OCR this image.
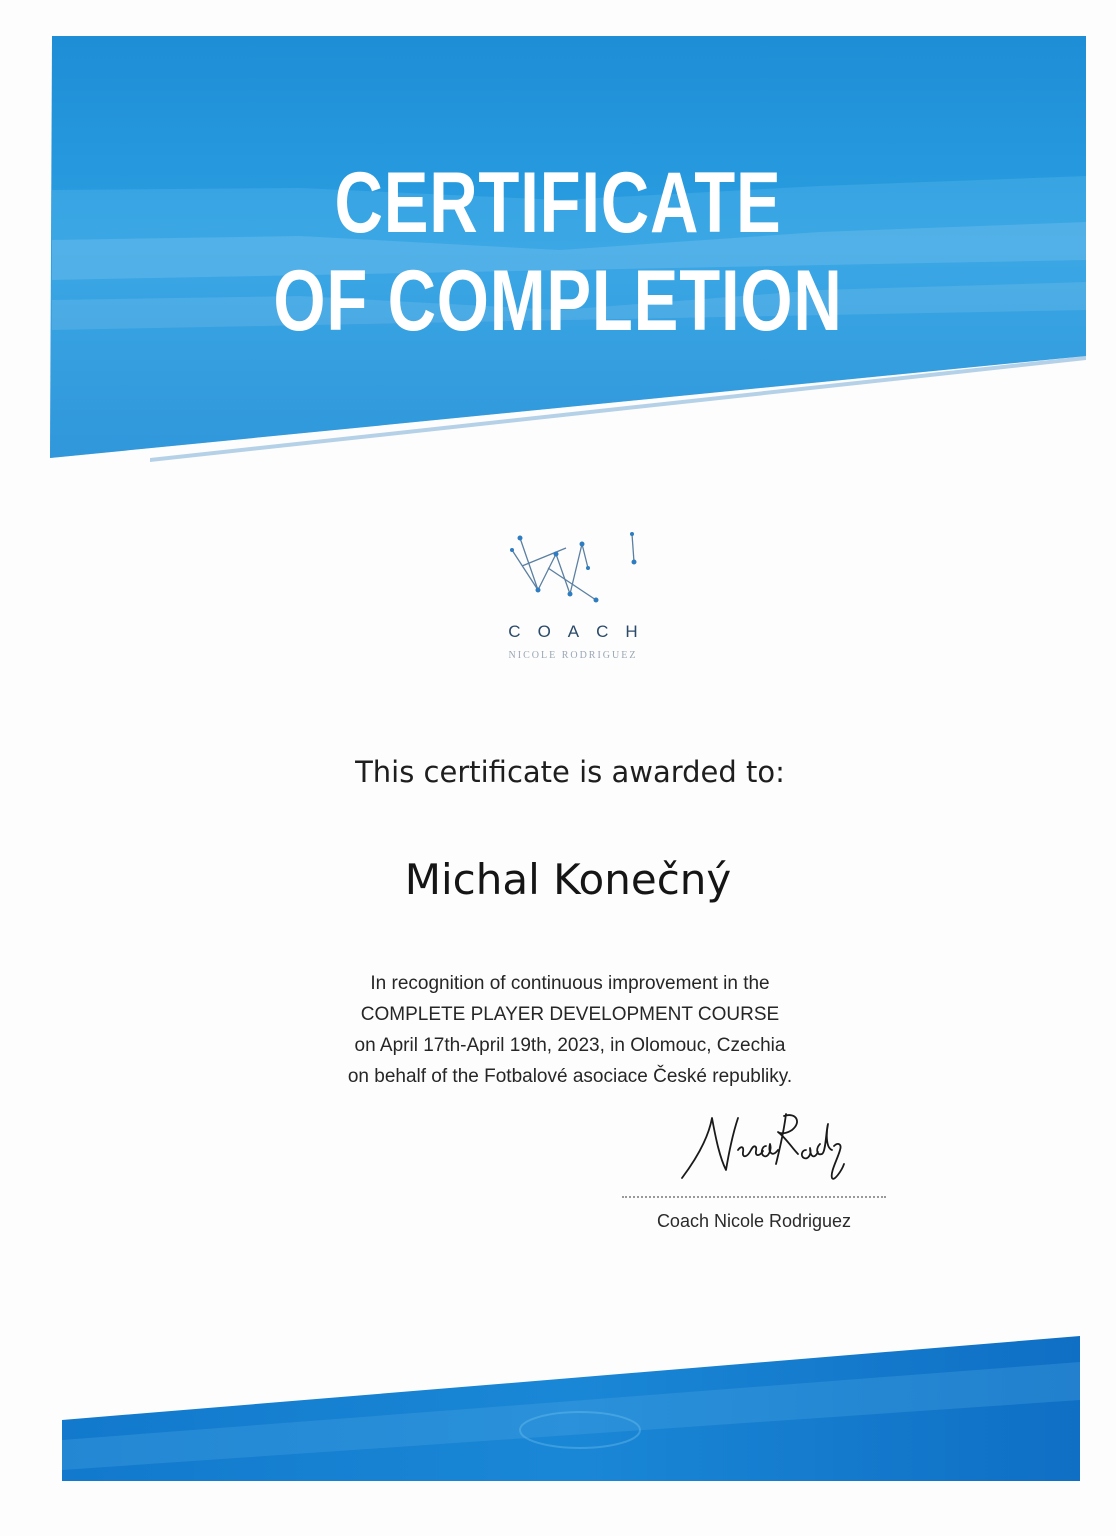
CERTIFICATE
OF COMPLETION
COACH
NICOLE RODRIGUEZ
This certificate is awarded to:
Michal Konečný
In recognition of continuous improvement in the
COMPLETE PLAYER DEVELOPMENT COURSE
on April 17th-April 19th, 2023, in Olomouc, Czechia
on behalf of the Fotbalové asociace České republiky.
Coach Nicole Rodriguez
